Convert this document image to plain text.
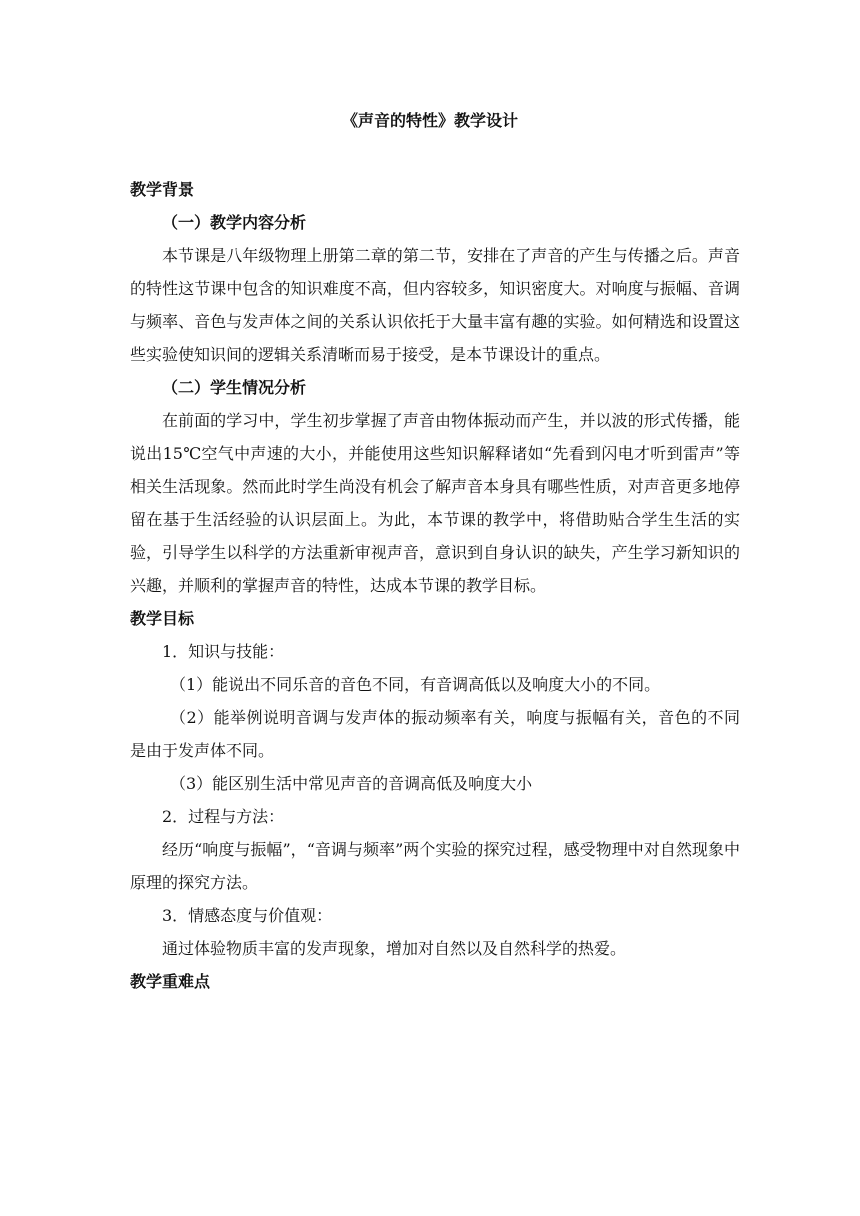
《声音的特性》教学设计
教学背景
（一）教学内容分析

本节课是八年级物理上册第二章的第二节，安排在了声音的产生与传播之后。声音的特性这节课中包含的知识难度不高，但内容较多，知识密度大。对响度与振幅、音调与频率、音色与发声体之间的关系认识依托于大量丰富有趣的实验。如何精选和设置这些实验使知识间的逻辑关系清晰而易于接受，是本节课设计的重点。

（二）学生情况分析

在前面的学习中，学生初步掌握了声音由物体振动而产生，并以波的形式传播，能说出15℃空气中声速的大小，并能使用这些知识解释诸如“先看到闪电才听到雷声”等相关生活现象。然而此时学生尚没有机会了解声音本身具有哪些性质，对声音更多地停留在基于生活经验的认识层面上。为此，本节课的教学中，将借助贴合学生生活的实验，引导学生以科学的方法重新审视声音，意识到自身认识的缺失，产生学习新知识的兴趣，并顺利的掌握声音的特性，达成本节课的教学目标。

教学目标
1．知识与技能：
（1）能说出不同乐音的音色不同，有音调高低以及响度大小的不同。

（2）能举例说明音调与发声体的振动频率有关，响度与振幅有关，音色的不同是由于发声体不同。

（3）能区别生活中常见声音的音调高低及响度大小
2．过程与方法：

经历“响度与振幅”，“音调与频率”两个实验的探究过程，感受物理中对自然现象中原理的探究方法。

3．情感态度与价值观：

通过体验物质丰富的发声现象，增加对自然以及自然科学的热爱。

教学重难点
